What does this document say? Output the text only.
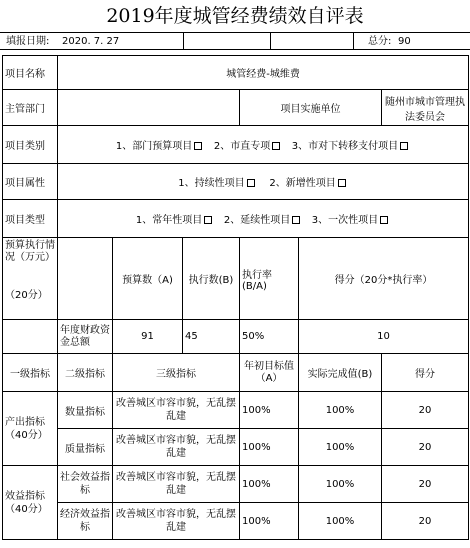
2019年度城管经费绩效自评表
填报日期: 2020. 7. 27	总分: 90
项目名称	城管经费-城维费					
主管部门				项目实施单位		随州市城市管理执法委员会
项目类别	1、部门预算项目 2、市直专项 3、市对下转移支付项目					
项目属性	1、持续性项目 2、新增性项目					
项目类型	1、常年性项目 2、延续性项目 3、一次性项目					

预算执行情况（万元）
（20分）		预算数（A)	执行数(B)	执行率(B/A)	得分（20分*执行率）	
	年度财政资金总额	91	45	50%	10	
一级指标	二级指标	三级指标		年初目标值（A）	实际完成值(B)	得分
产出指标（40分）	数量指标	改善城区市容市貌，无乱摆乱建		100%	100%	20
	质量指标	改善城区市容市貌，无乱摆乱建		100%	100%	20
效益指标（40分）	社会效益指标	改善城区市容市貌，无乱摆乱建		100%	100%	20
	经济效益指标	改善城区市容市貌，无乱摆乱建		100%	100%	20
